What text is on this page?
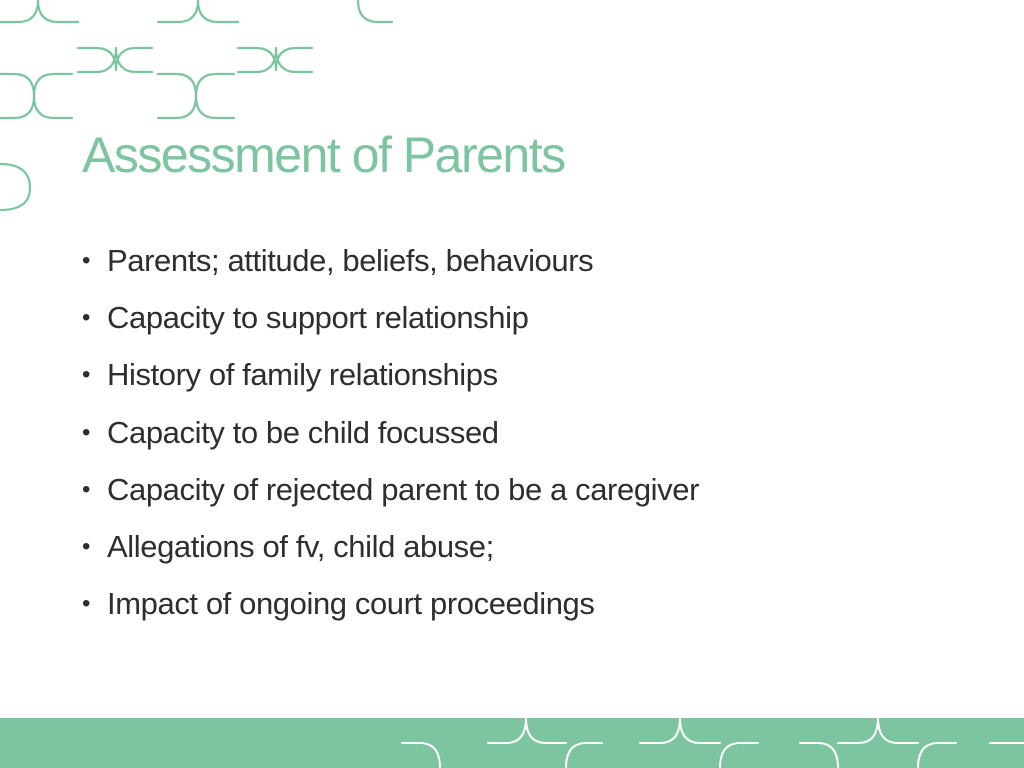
Assessment of Parents
• Parents; attitude, beliefs, behaviours
• Capacity to support relationship
• History of family relationships
• Capacity to be child focussed
• Capacity of rejected parent to be a caregiver
• Allegations of fv, child abuse;
• Impact of ongoing court proceedings
